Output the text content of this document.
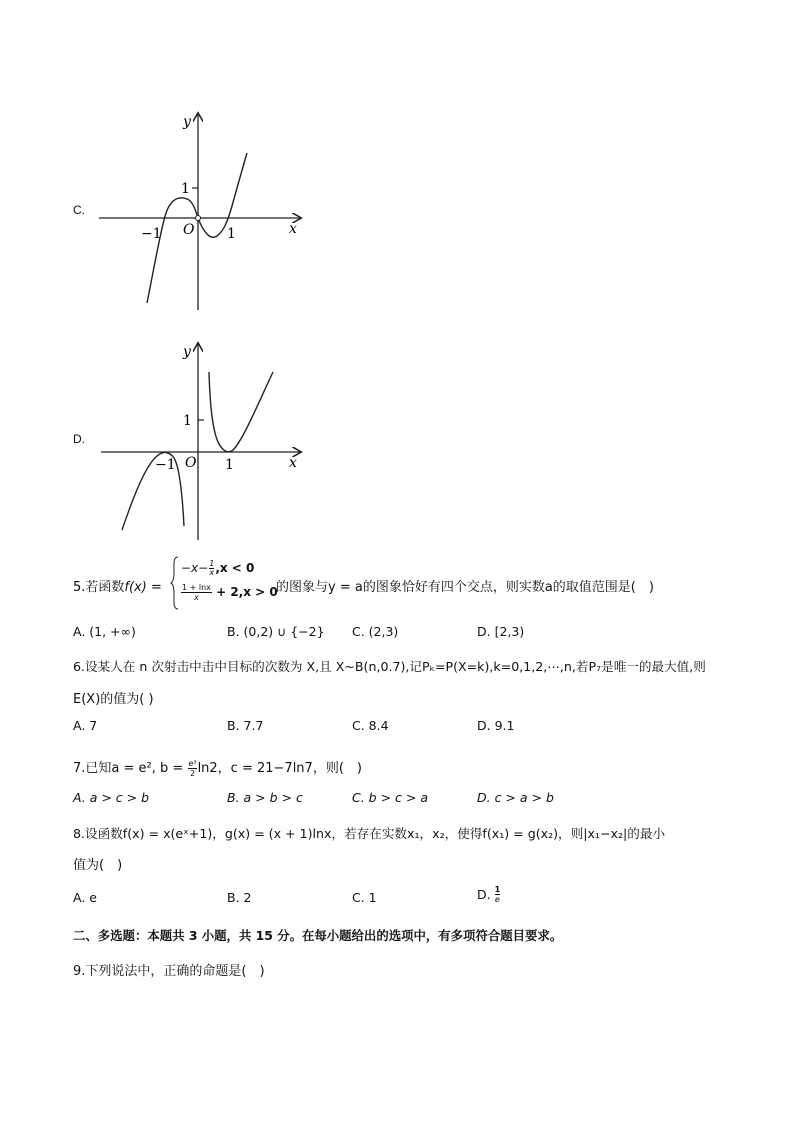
C.
y
x
O
1
−1	1
D.
y
x
O
1
−1	1
5.若函数f(x) =
$-x- \frac{1}{x} ,x < 0$
$\frac{1 + \ln x}{x} + 2,x > 0$
的图象与y = a的图象恰好有四个交点，则实数a的取值范围是(　)
A. (1, +∞)	B. (0,2) ∪ {−2} C. (2,3)	D. [2,3)
6.设某人在 n 次射击中击中目标的次数为 X,且 X~B(n,0.7),记Pₖ=P(X=k),k=0,1,2,⋯,n,若P₇是唯一的最大值,则
E(X)的值为( )
A. 7	B. 7.7	C. 8.4	D. 9.1
7.已知a = e², $b = \frac{\text{e³}}{2} \ln 2$，c = 21−7ln7，则(　)
A. a > c > b	B. a > b > c	C. b > c > a	D. c > a > b
8.设函数f(x) = x(eˣ+1)，g(x) = (x + 1)lnx，若存在实数x₁，x₂，使得f(x₁) = g(x₂)，则|x₁−x₂|的最小
值为(　)
A. e	B. 2	C. 1	D. $\frac{1}{e}$
二、多选题：本题共 3 小题，共 15 分。在每小题给出的选项中，有多项符合题目要求。
9.下列说法中，正确的命题是(　)
